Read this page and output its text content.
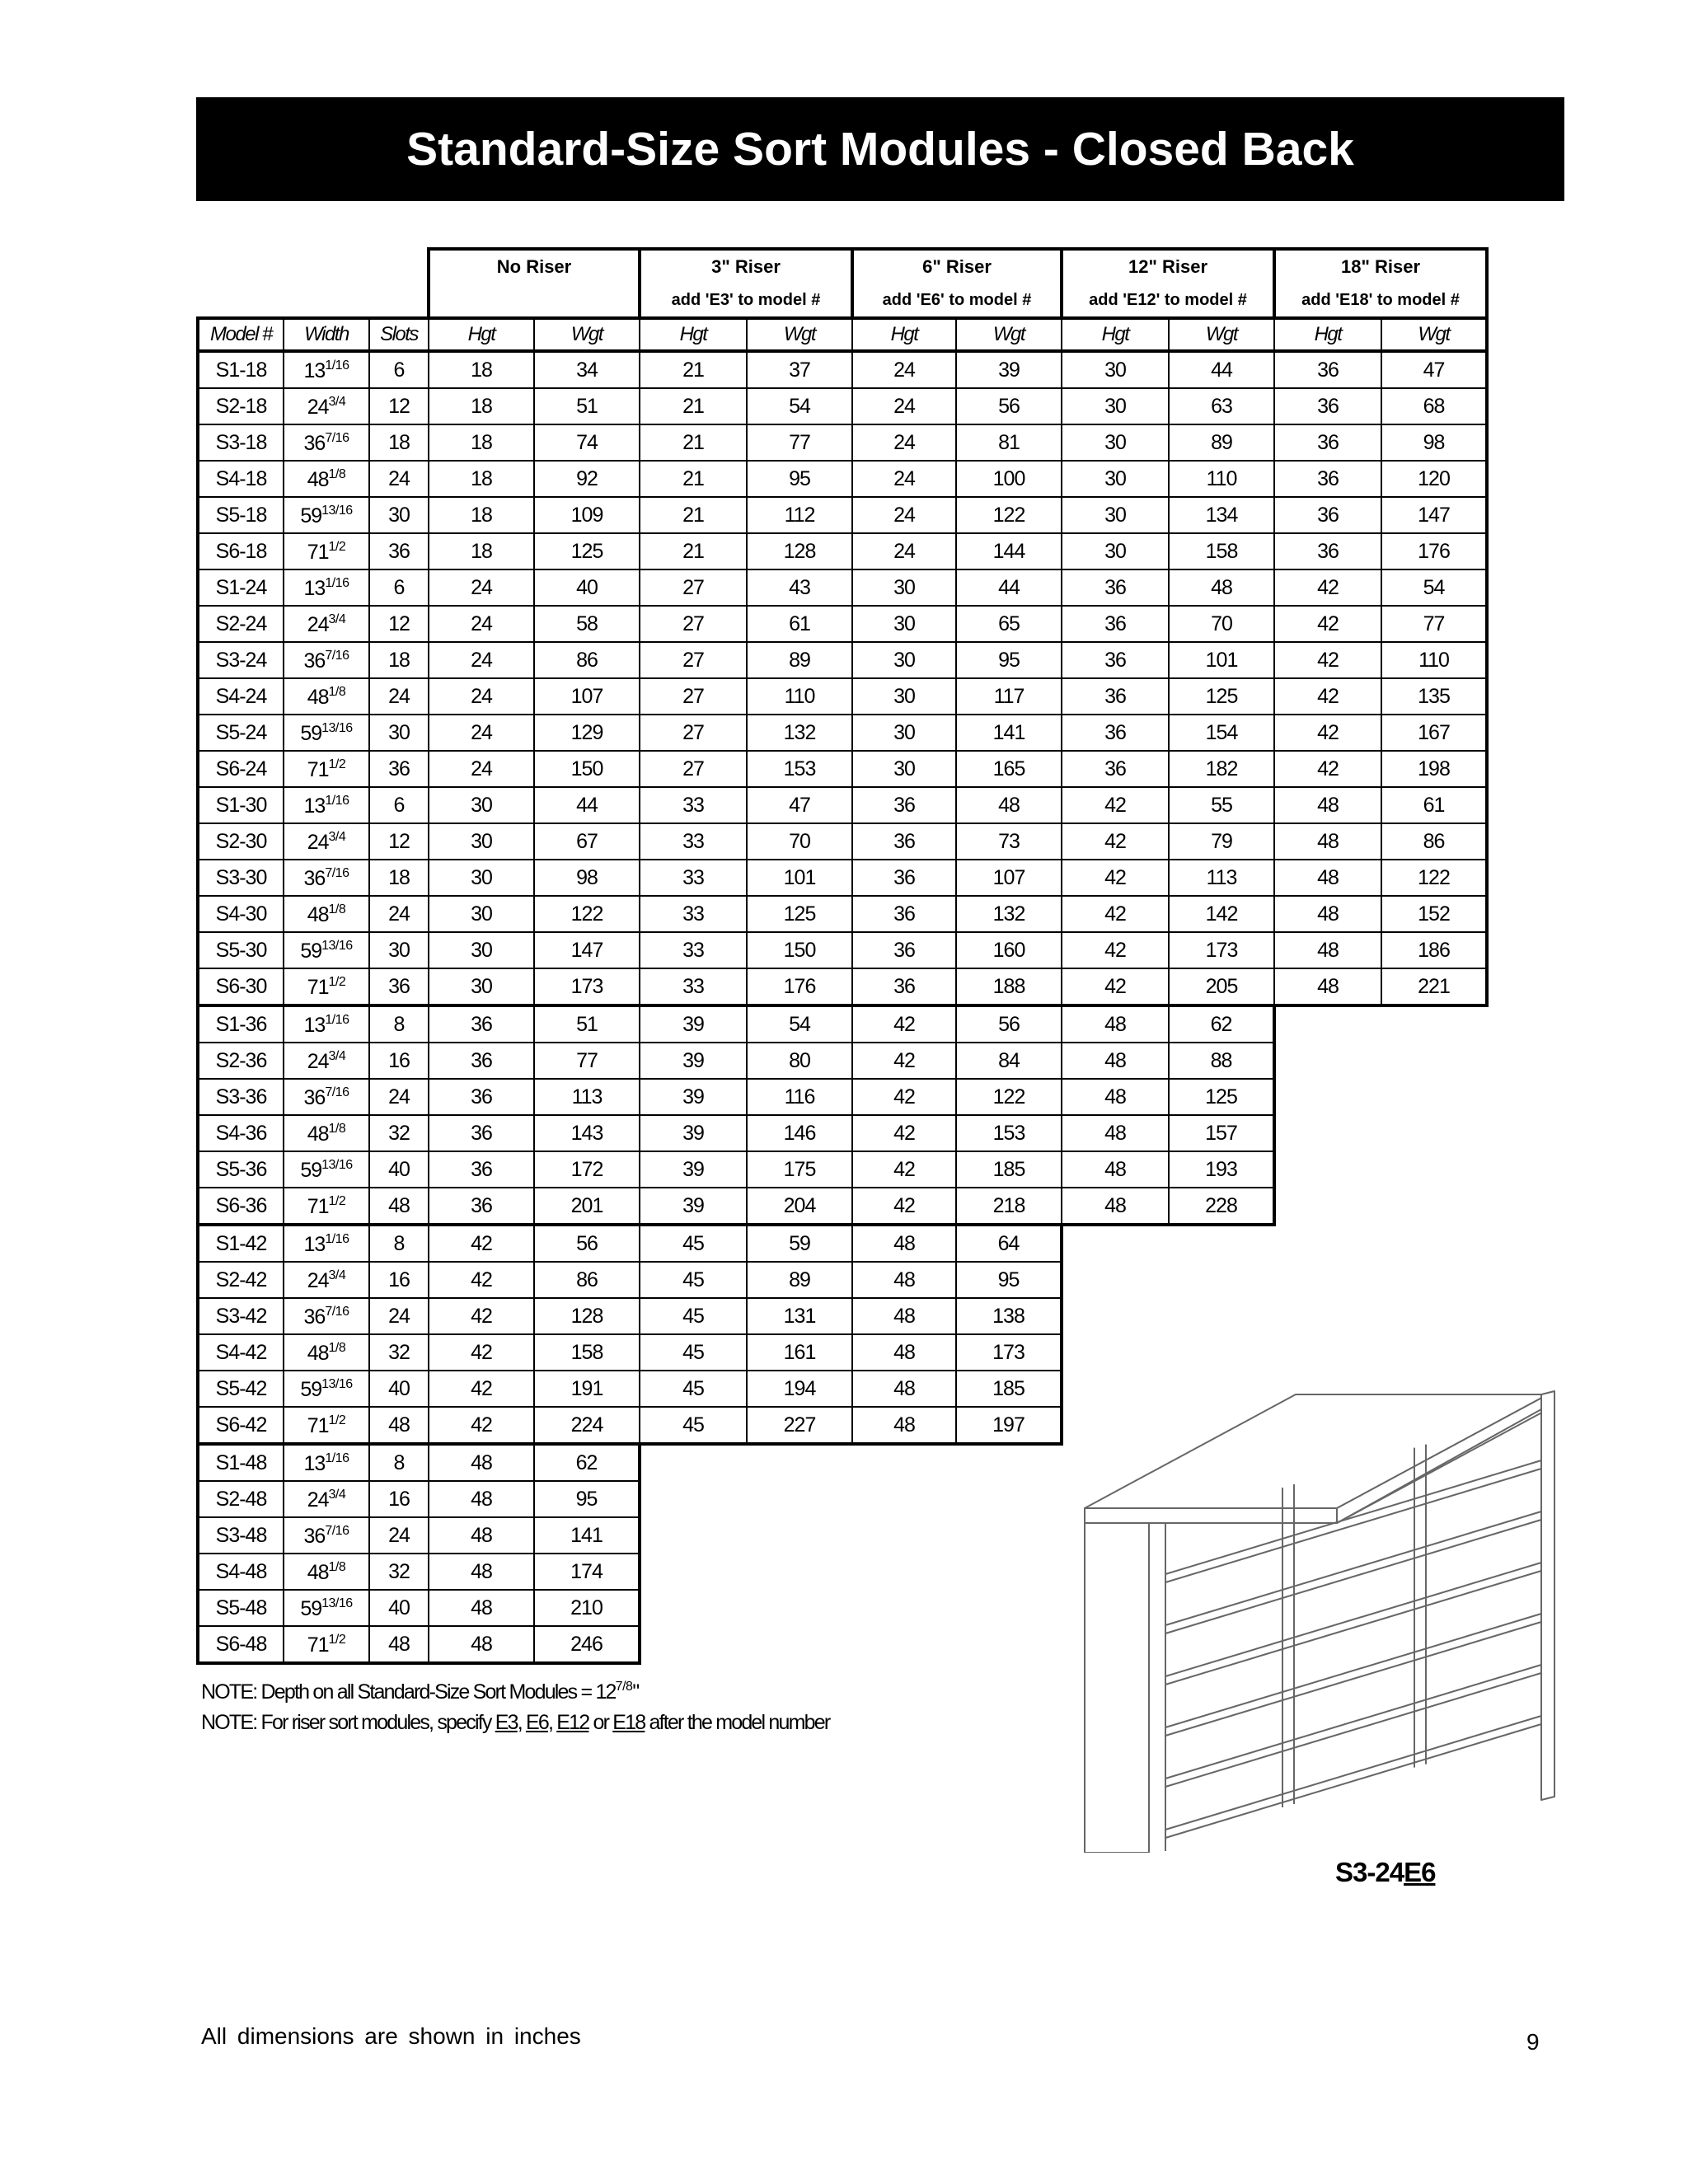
Standard-Size Sort Modules - Closed Back
			No Riser		3" Riser		6" Riser		12" Riser		18" Riser	
					add 'E3' to model #		add 'E6' to model #		add 'E12' to model #		add 'E18' to model #	
Model #	Width	Slots	Hgt	Wgt	Hgt	Wgt	Hgt	Wgt	Hgt	Wgt	Hgt	Wgt
S1-18	$13^{1/16}$	6	18	34	21	37	24	39	30	44	36	47
S2-18	$24^{3/4}$	12	18	51	21	54	24	56	30	63	36	68
S3-18	$36^{7/16}$	18	18	74	21	77	24	81	30	89	36	98
S4-18	$48^{1/8}$	24	18	92	21	95	24	100	30	110	36	120
S5-18	$59^{13/16}$	30	18	109	21	112	24	122	30	134	36	147
S6-18	$71^{1/2}$	36	18	125	21	128	24	144	30	158	36	176
S1-24	$13^{1/16}$	6	24	40	27	43	30	44	36	48	42	54
S2-24	$24^{3/4}$	12	24	58	27	61	30	65	36	70	42	77
S3-24	$36^{7/16}$	18	24	86	27	89	30	95	36	101	42	110
S4-24	$48^{1/8}$	24	24	107	27	110	30	117	36	125	42	135
S5-24	$59^{13/16}$	30	24	129	27	132	30	141	36	154	42	167
S6-24	$71^{1/2}$	36	24	150	27	153	30	165	36	182	42	198
S1-30	$13^{1/16}$	6	30	44	33	47	36	48	42	55	48	61
S2-30	$24^{3/4}$	12	30	67	33	70	36	73	42	79	48	86
S3-30	$36^{7/16}$	18	30	98	33	101	36	107	42	113	48	122
S4-30	$48^{1/8}$	24	30	122	33	125	36	132	42	142	48	152
S5-30	$59^{13/16}$	30	30	147	33	150	36	160	42	173	48	186
S6-30	$71^{1/2}$	36	30	173	33	176	36	188	42	205	48	221
S1-36	$13^{1/16}$	8	36	51	39	54	42	56	48	62		
S2-36	$24^{3/4}$	16	36	77	39	80	42	84	48	88		
S3-36	$36^{7/16}$	24	36	113	39	116	42	122	48	125		
S4-36	$48^{1/8}$	32	36	143	39	146	42	153	48	157		
S5-36	$59^{13/16}$	40	36	172	39	175	42	185	48	193		
S6-36	$71^{1/2}$	48	36	201	39	204	42	218	48	228		
S1-42	$13^{1/16}$	8	42	56	45	59	48	64				
S2-42	$24^{3/4}$	16	42	86	45	89	48	95				
S3-42	$36^{7/16}$	24	42	128	45	131	48	138				
S4-42	$48^{1/8}$	32	42	158	45	161	48	173				
S5-42	$59^{13/16}$	40	42	191	45	194	48	185				
S6-42	$71^{1/2}$	48	42	224	45	227	48	197				
S1-48	$13^{1/16}$	8	48	62								
S2-48	$24^{3/4}$	16	48	95								
S3-48	$36^{7/16}$	24	48	141								
S4-48	$48^{1/8}$	32	48	174								
S5-48	$59^{13/16}$	40	48	210								
S6-48	$71^{1/2}$	48	48	246								
NOTE: Depth on all Standard-Size Sort Modules = $12^{7/8}$"
NOTE: For riser sort modules, specify E3, E6, E12 or E18 after the model number
S3-24E6
All dimensions are shown in inches	9
